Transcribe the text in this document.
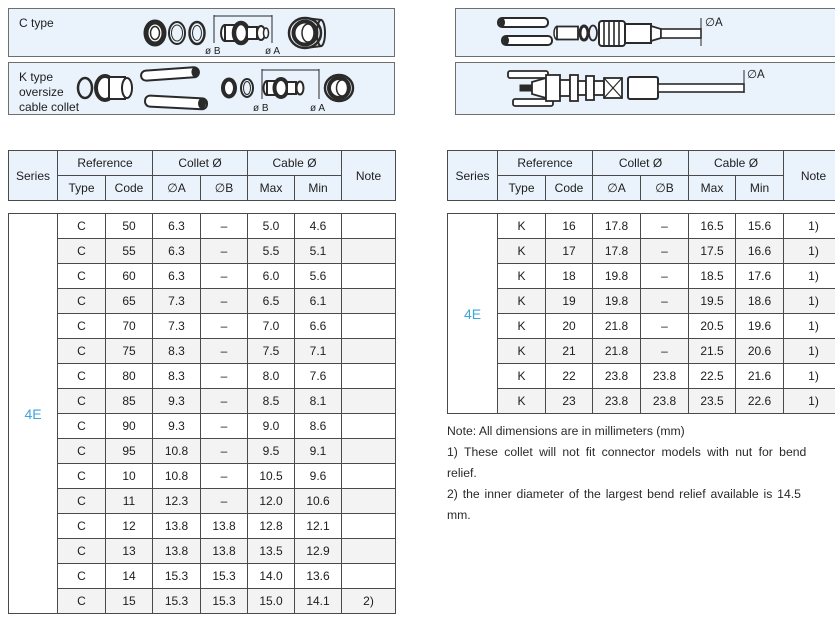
C type
ø B	ø A
K type
oversize
cable collet	ø B	ø A
∅A
∅A
Series	Reference		Collet Ø		Cable Ø		Note
	Type	Code	∅A	∅B	Max	Min	
4E	C	50	6.3	–	5.0	4.6	
	C	55	6.3	–	5.5	5.1	
	C	60	6.3	–	6.0	5.6	
	C	65	7.3	–	6.5	6.1	
	C	70	7.3	–	7.0	6.6	
	C	75	8.3	–	7.5	7.1	
	C	80	8.3	–	8.0	7.6	
	C	85	9.3	–	8.5	8.1	
	C	90	9.3	–	9.0	8.6	
	C	95	10.8	–	9.5	9.1	
	C	10	10.8	–	10.5	9.6	
	C	11	12.3	–	12.0	10.6	
	C	12	13.8	13.8	12.8	12.1	
	C	13	13.8	13.8	13.5	12.9	
	C	14	15.3	15.3	14.0	13.6	
	C	15	15.3	15.3	15.0	14.1	2)
Series	Reference		Collet Ø		Cable Ø		Note
	Type	Code	∅A	∅B	Max	Min	
4E	K	16	17.8	–	16.5	15.6	1)
	K	17	17.8	–	17.5	16.6	1)
	K	18	19.8	–	18.5	17.6	1)
	K	19	19.8	–	19.5	18.6	1)
	K	20	21.8	–	20.5	19.6	1)
	K	21	21.8	–	21.5	20.6	1)
	K	22	23.8	23.8	22.5	21.6	1)
	K	23	23.8	23.8	23.5	22.6	1)
Note: All dimensions are in millimeters (mm)
1) These collet will not fit connector models with nut for bend
relief.
2) the inner diameter of the largest bend relief available is 14.5
mm.
